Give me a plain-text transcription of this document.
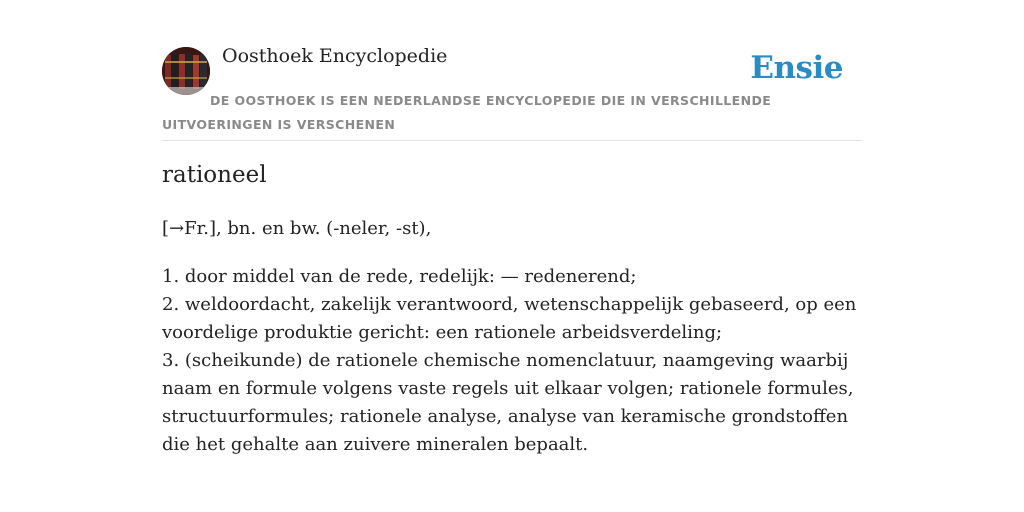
Oosthoek Encyclopedie	Ensie

DE OOSTHOEK IS EEN NEDERLANDSE ENCYCLOPEDIE DIE IN VERSCHILLENDE UITVOERINGEN IS VERSCHENEN

rationeel

[→Fr.], bn. en bw. (-neler, -st),

1. door middel van de rede, redelijk: — redenerend;
2. weldoordacht, zakelijk verantwoord, wetenschappelijk gebaseerd, op een voordelige produktie gericht: een rationele arbeidsverdeling;
3. (scheikunde) de rationele chemische nomenclatuur, naamgeving waarbij naam en formule volgens vaste regels uit elkaar volgen; rationele formules, structuurformules; rationele analyse, analyse van keramische grondstoffen die het gehalte aan zuivere mineralen bepaalt.
